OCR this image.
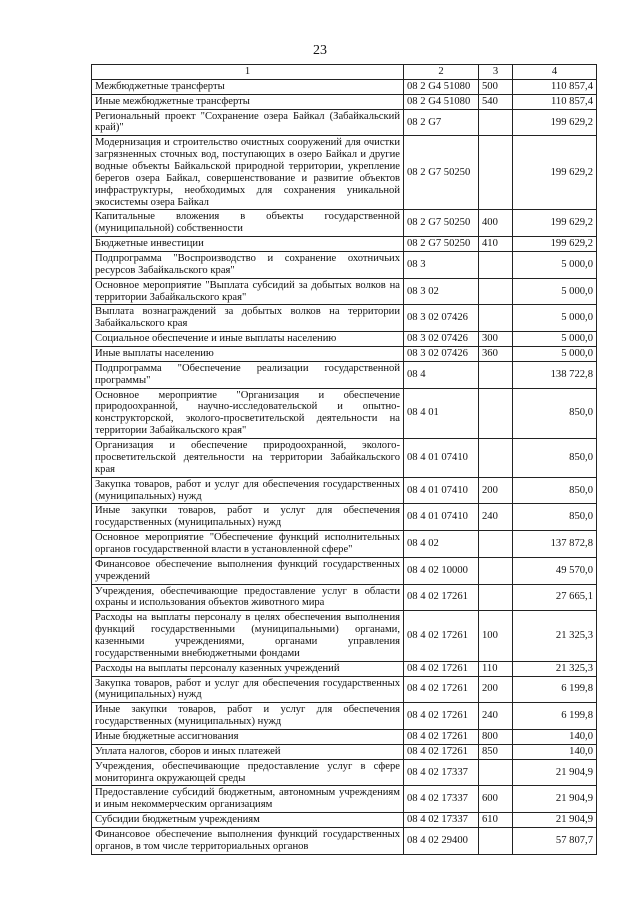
23
1	2	3	4
Межбюджетные трансферты	08 2 G4 51080	500	110 857,4
Иные межбюджетные трансферты	08 2 G4 51080	540	110 857,4
Региональный проект "Сохранение озера Байкал (Забайкальский край)"	08 2 G7		199 629,2
Модернизация и строительство очистных сооружений для очистки загрязненных сточных вод, поступающих в озеро Байкал и другие водные объекты Байкальской природной территории, укрепление берегов озера Байкал, совершенствование и развитие объектов инфраструктуры, необходимых для сохранения уникальной экосистемы озера Байкал	08 2 G7 50250		199 629,2
Капитальные вложения в объекты государственной (муниципальной) собственности	08 2 G7 50250	400	199 629,2
Бюджетные инвестиции	08 2 G7 50250	410	199 629,2
Подпрограмма "Воспроизводство и сохранение охотничьих ресурсов Забайкальского края"	08 3		5 000,0
Основное мероприятие "Выплата субсидий за добытых волков на территории Забайкальского края"	08 3 02		5 000,0
Выплата вознаграждений за добытых волков на территории Забайкальского края	08 3 02 07426		5 000,0
Социальное обеспечение и иные выплаты населению	08 3 02 07426	300	5 000,0
Иные выплаты населению	08 3 02 07426	360	5 000,0
Подпрограмма "Обеспечение реализации государственной программы"	08 4		138 722,8
Основное мероприятие "Организация и обеспечение природоохранной, научно-исследовательской и опытно-конструкторской, эколого-просветительской деятельности на территории Забайкальского края"	08 4 01		850,0
Организация и обеспечение природоохранной, эколого-просветительской деятельности на территории Забайкальского края	08 4 01 07410		850,0
Закупка товаров, работ и услуг для обеспечения государственных (муниципальных) нужд	08 4 01 07410	200	850,0
Иные закупки товаров, работ и услуг для обеспечения государственных (муниципальных) нужд	08 4 01 07410	240	850,0
Основное мероприятие "Обеспечение функций исполнительных органов государственной власти в установленной сфере"	08 4 02		137 872,8
Финансовое обеспечение выполнения функций государственных учреждений	08 4 02 10000		49 570,0
Учреждения, обеспечивающие предоставление услуг в области охраны и использования объектов животного мира	08 4 02 17261		27 665,1
Расходы на выплаты персоналу в целях обеспечения выполнения функций государственными (муниципальными) органами, казенными учреждениями, органами управления государственными внебюджетными фондами	08 4 02 17261	100	21 325,3
Расходы на выплаты персоналу казенных учреждений	08 4 02 17261	110	21 325,3
Закупка товаров, работ и услуг для обеспечения государственных (муниципальных) нужд	08 4 02 17261	200	6 199,8
Иные закупки товаров, работ и услуг для обеспечения государственных (муниципальных) нужд	08 4 02 17261	240	6 199,8
Иные бюджетные ассигнования	08 4 02 17261	800	140,0
Уплата налогов, сборов и иных платежей	08 4 02 17261	850	140,0
Учреждения, обеспечивающие предоставление услуг в сфере мониторинга окружающей среды	08 4 02 17337		21 904,9
Предоставление субсидий бюджетным, автономным учреждениям и иным некоммерческим организациям	08 4 02 17337	600	21 904,9
Субсидии бюджетным учреждениям	08 4 02 17337	610	21 904,9
Финансовое обеспечение выполнения функций государственных органов, в том числе территориальных органов	08 4 02 29400		57 807,7
